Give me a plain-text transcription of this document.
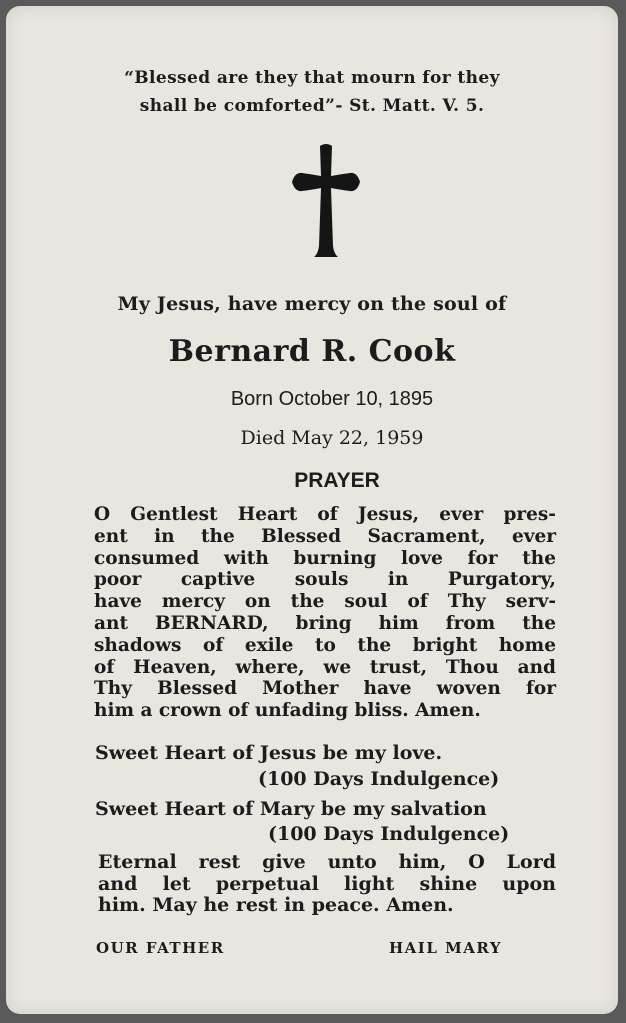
“Blessed are they that mourn for they
shall be comforted”- St. Matt. V. 5.
My Jesus, have mercy on the soul of
Bernard R. Cook
Born October 10, 1895
Died May 22, 1959
PRAYER
O Gentlest Heart of Jesus, ever pres-
ent in the Blessed Sacrament, ever
consumed with burning love for the
poor captive souls in Purgatory,
have mercy on the soul of Thy serv-
ant BERNARD, bring him from the
shadows of exile to the bright home
of Heaven, where, we trust, Thou and
Thy Blessed Mother have woven for
him a crown of unfading bliss. Amen.
Sweet Heart of Jesus be my love.
(100 Days Indulgence)
Sweet Heart of Mary be my salvation
(100 Days Indulgence)
Eternal rest give unto him, O Lord
and let perpetual light shine upon
him. May he rest in peace. Amen.
OUR FATHER	HAIL MARY
